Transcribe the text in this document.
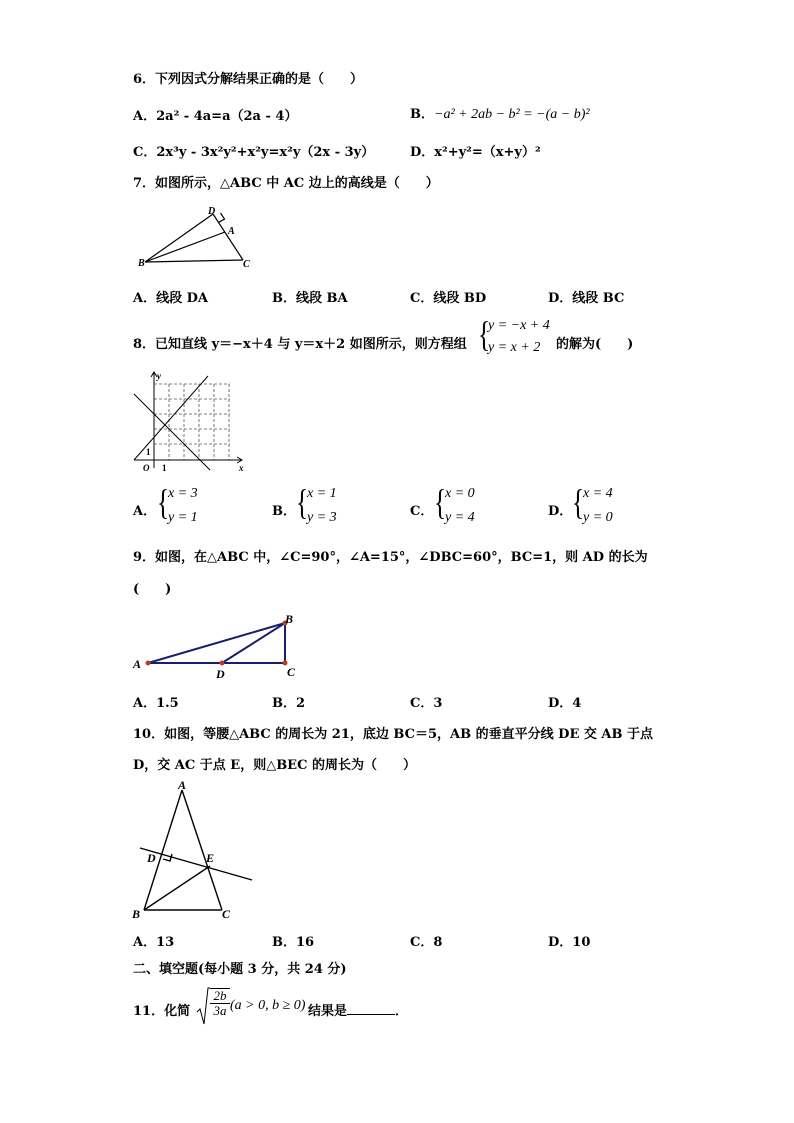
6．下列因式分解结果正确的是（　　）
A．2a² - 4a=a（2a - 4）	B．−a² + 2ab − b² = −(a − b)²
C．2x³y - 3x²y²+x²y=x²y（2x - 3y）	D．x²+y²=（x+y）²
7．如图所示，△ABC 中 AC 边上的高线是（　　）
D
A
B	C
A．线段 DA	B．线段 BA	C．线段 BD	D．线段 BC
8．已知直线 y＝−x＋4 与 y＝x＋2 如图所示，则方程组 {
y = −x + 4
y = x + 2 的解为(　　)
y
x
O 1
1
A． {
x = 3
y = 1	B． {
x = 1
y = 3	C． {
x = 0
y = 4	D． {
x = 4
y = 0
9．如图，在△ABC 中，∠C=90°，∠A=15°，∠DBC=60°，BC=1，则 AD 的长为
(　　)
A
B
C
D
A．1.5	B．2	C．3	D．4
10．如图，等腰△ABC 的周长为 21，底边 BC＝5，AB 的垂直平分线 DE 交 AB 于点
D，交 AC 于点 E，则△BEC 的周长为（　　）
A
B	C
D	E
A．13	B．16	C．8	D．10
二、填空题(每小题 3 分，共 24 分)
11．化简 $\frac{2b}{3a} (a > 0$, b ≥ 0) 结果是	．
